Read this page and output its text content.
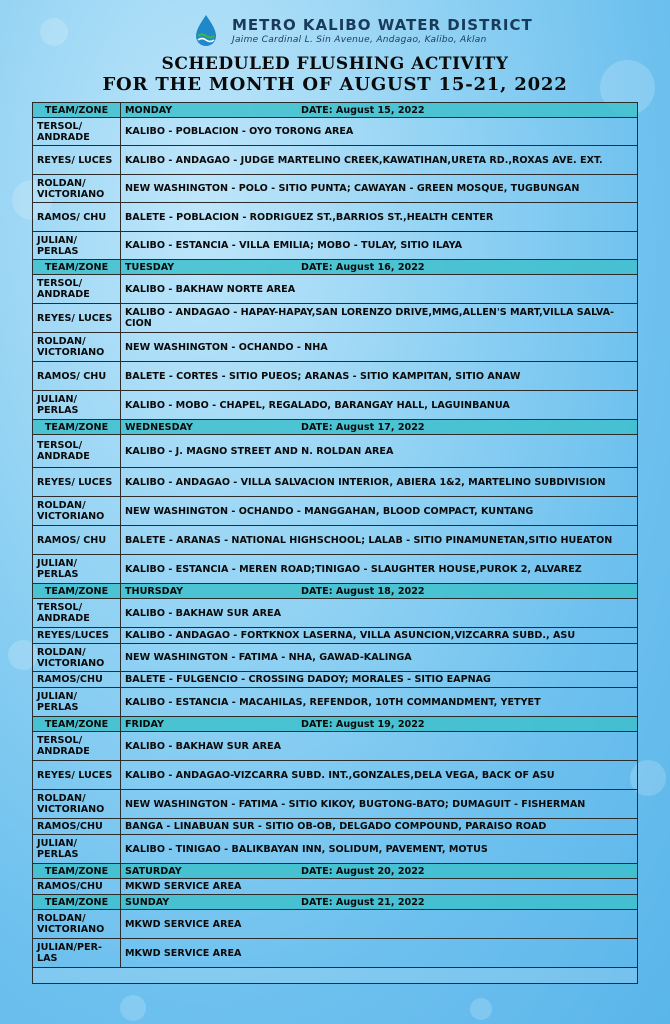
METRO KALIBO WATER DISTRICT
Jaime Cardinal L. Sin Avenue, Andagao, Kalibo, Aklan
SCHEDULED FLUSHING ACTIVITY
FOR THE MONTH OF AUGUST 15-21, 2022
TEAM/ZONE	MONDAY DATE: August 15, 2022
TERSOL/ ANDRADE	KALIBO - POBLACION - OYO TORONG AREA
REYES/ LUCES	KALIBO - ANDAGAO - JUDGE MARTELINO CREEK,KAWATIHAN,URETA RD.,ROXAS AVE. EXT.
ROLDAN/ VICTORIANO	NEW WASHINGTON - POLO - SITIO PUNTA; CAWAYAN - GREEN MOSQUE, TUGBUNGAN
RAMOS/ CHU	BALETE - POBLACION - RODRIGUEZ ST.,BARRIOS ST.,HEALTH CENTER
JULIAN/ PERLAS	KALIBO - ESTANCIA - VILLA EMILIA; MOBO - TULAY, SITIO ILAYA
TEAM/ZONE	TUESDAY DATE: August 16, 2022
TERSOL/ ANDRADE	KALIBO - BAKHAW NORTE AREA
REYES/ LUCES	KALIBO - ANDAGAO - HAPAY-HAPAY,SAN LORENZO DRIVE,MMG,ALLEN'S MART,VILLA SALVA-CION
ROLDAN/ VICTORIANO	NEW WASHINGTON - OCHANDO - NHA
RAMOS/ CHU	BALETE - CORTES - SITIO PUEOS; ARANAS - SITIO KAMPITAN, SITIO ANAW
JULIAN/ PERLAS	KALIBO - MOBO - CHAPEL, REGALADO, BARANGAY HALL, LAGUINBANUA
TEAM/ZONE	WEDNESDAY DATE: August 17, 2022
TERSOL/ ANDRADE	KALIBO - J. MAGNO STREET AND N. ROLDAN AREA
REYES/ LUCES	KALIBO - ANDAGAO - VILLA SALVACION INTERIOR, ABIERA 1&2, MARTELINO SUBDIVISION
ROLDAN/ VICTORIANO	NEW WASHINGTON - OCHANDO - MANGGAHAN, BLOOD COMPACT, KUNTANG
RAMOS/ CHU	BALETE - ARANAS - NATIONAL HIGHSCHOOL; LALAB - SITIO PINAMUNETAN,SITIO HUEATON
JULIAN/ PERLAS	KALIBO - ESTANCIA - MEREN ROAD;TINIGAO - SLAUGHTER HOUSE,PUROK 2, ALVAREZ
TEAM/ZONE	THURSDAY DATE: August 18, 2022
TERSOL/ ANDRADE	KALIBO - BAKHAW SUR AREA
REYES/LUCES	KALIBO - ANDAGAO - FORTKNOX LASERNA, VILLA ASUNCION,VIZCARRA SUBD., ASU
ROLDAN/ VICTORIANO	NEW WASHINGTON - FATIMA - NHA, GAWAD-KALINGA
RAMOS/CHU	BALETE - FULGENCIO - CROSSING DADOY; MORALES - SITIO EAPNAG
JULIAN/ PERLAS	KALIBO - ESTANCIA - MACAHILAS, REFENDOR, 10TH COMMANDMENT, YETYET
TEAM/ZONE	FRIDAY DATE: August 19, 2022
TERSOL/ ANDRADE	KALIBO - BAKHAW SUR AREA
REYES/ LUCES	KALIBO - ANDAGAO-VIZCARRA SUBD. INT.,GONZALES,DELA VEGA, BACK OF ASU
ROLDAN/ VICTORIANO	NEW WASHINGTON - FATIMA - SITIO KIKOY, BUGTONG-BATO; DUMAGUIT - FISHERMAN
RAMOS/CHU	BANGA - LINABUAN SUR - SITIO OB-OB, DELGADO COMPOUND, PARAISO ROAD
JULIAN/ PERLAS	KALIBO - TINIGAO - BALIKBAYAN INN, SOLIDUM, PAVEMENT, MOTUS
TEAM/ZONE	SATURDAY DATE: August 20, 2022
RAMOS/CHU	MKWD SERVICE AREA
TEAM/ZONE	SUNDAY DATE: August 21, 2022
ROLDAN/ VICTORIANO	MKWD SERVICE AREA
JULIAN/PER-LAS	MKWD SERVICE AREA
